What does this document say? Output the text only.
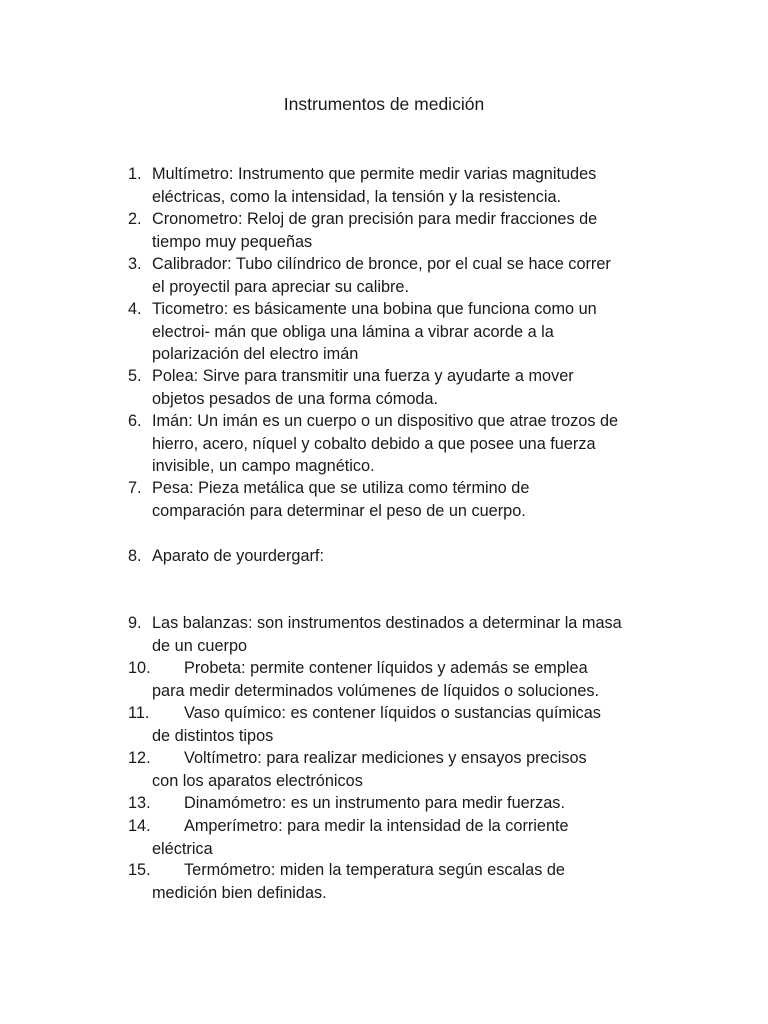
Instrumentos de medición
1. Multímetro: Instrumento que permite medir varias magnitudes
eléctricas, como la intensidad, la tensión y la resistencia.
2. Cronometro: Reloj de gran precisión para medir fracciones de
tiempo muy pequeñas
3. Calibrador: Tubo cilíndrico de bronce, por el cual se hace correr
el proyectil para apreciar su calibre.
4. Ticometro: es básicamente una bobina que funciona como un
electroi- mán que obliga una lámina a vibrar acorde a la
polarización del electro imán
5. Polea: Sirve para transmitir una fuerza y ayudarte a mover
objetos pesados de una forma cómoda.
6. Imán: Un imán es un cuerpo o un dispositivo que atrae trozos de
hierro, acero, níquel y cobalto debido a que posee una fuerza
invisible, un campo magnético.
7. Pesa: Pieza metálica que se utiliza como término de
comparación para determinar el peso de un cuerpo.
8. Aparato de yourdergarf:
9. Las balanzas: son instrumentos destinados a determinar la masa
de un cuerpo
10.	Probeta: permite contener líquidos y además se emplea
para medir determinados volúmenes de líquidos o soluciones.
11.	Vaso químico: es contener líquidos o sustancias químicas
de distintos tipos
12.	Voltímetro: para realizar mediciones y ensayos precisos
con los aparatos electrónicos
13.	Dinamómetro: es un instrumento para medir fuerzas.
14.	Amperímetro: para medir la intensidad de la corriente
eléctrica
15.	Termómetro: miden la temperatura según escalas de
medición bien definidas.
